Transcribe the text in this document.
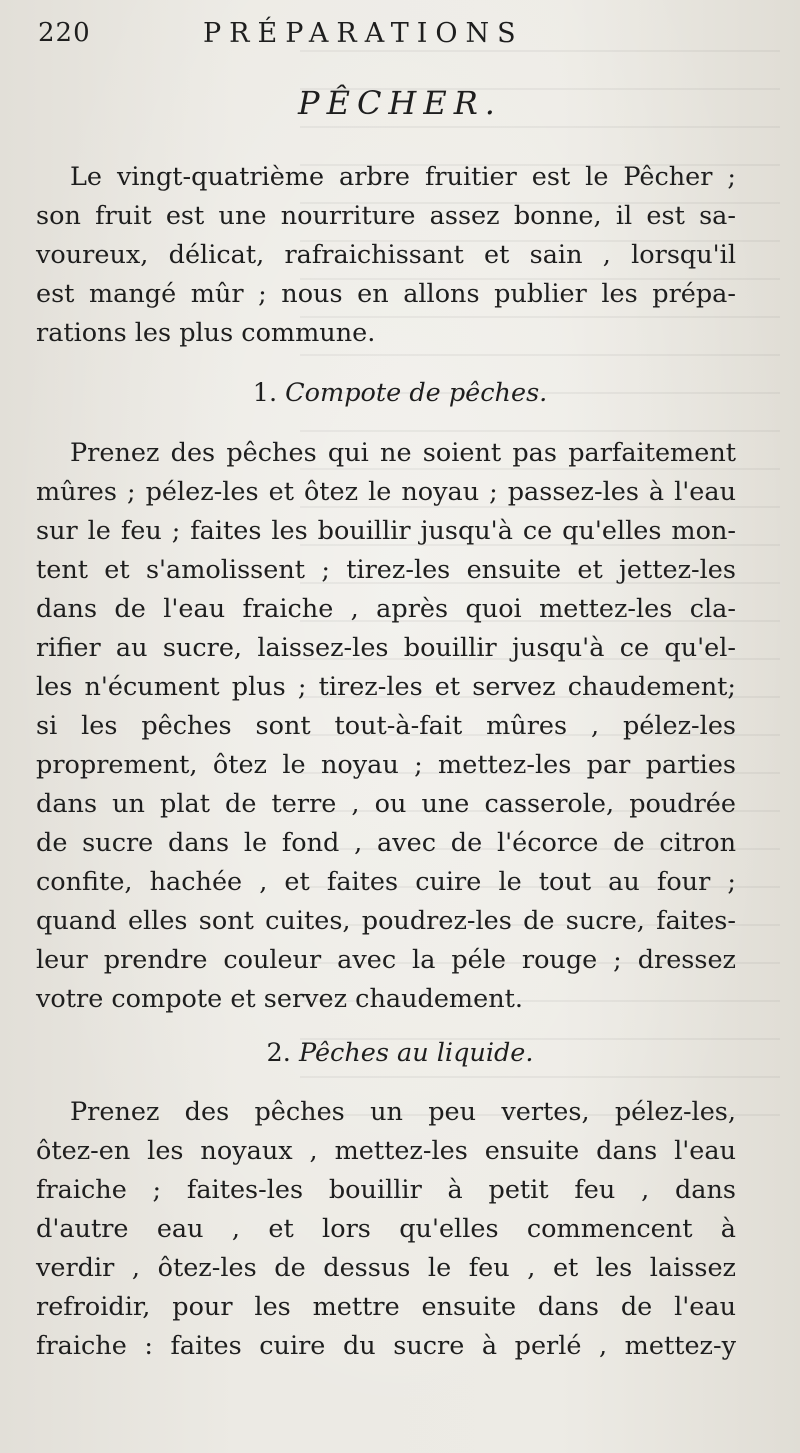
220	PRÉPARATIONS
PÊCHER.
Le vingt-quatrième arbre fruitier est le Pêcher ;
son fruit est une nourriture assez bonne, il est sa-
voureux, délicat, rafraichissant et sain , lorsqu'il
est mangé mûr ; nous en allons publier les prépa-
rations les plus commune.
1. Compote de pêches.
Prenez des pêches qui ne soient pas parfaitement
mûres ; pélez-les et ôtez le noyau ; passez-les à l'eau
sur le feu ; faites les bouillir jusqu'à ce qu'elles mon-
tent et s'amolissent ; tirez-les ensuite et jettez-les
dans de l'eau fraiche , après quoi mettez-les cla-
rifier au sucre, laissez-les bouillir jusqu'à ce qu'el-
les n'écument plus ; tirez-les et servez chaudement;
si les pêches sont tout-à-fait mûres , pélez-les
proprement, ôtez le noyau ; mettez-les par parties
dans un plat de terre , ou une casserole, poudrée
de sucre dans le fond , avec de l'écorce de citron
confite, hachée , et faites cuire le tout au four ;
quand elles sont cuites, poudrez-les de sucre, faites-
leur prendre couleur avec la péle rouge ; dressez
votre compote et servez chaudement.
2. Pêches au liquide.
Prenez des pêches un peu vertes, pélez-les,
ôtez-en les noyaux , mettez-les ensuite dans l'eau
fraiche ; faites-les bouillir à petit feu , dans
d'autre eau , et lors qu'elles commencent à
verdir , ôtez-les de dessus le feu , et les laissez
refroidir, pour les mettre ensuite dans de l'eau
fraiche : faites cuire du sucre à perlé , mettez-y
